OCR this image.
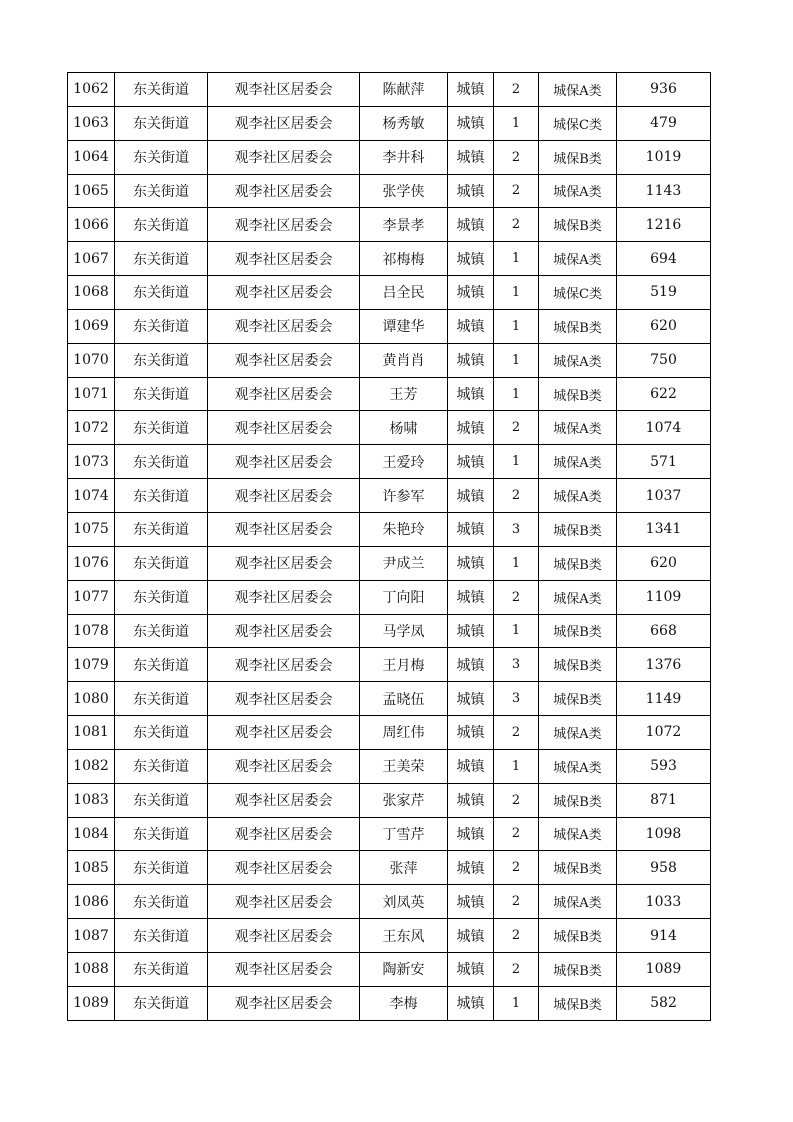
1062	东关街道	观李社区居委会	陈献萍	城镇	2	城保A类	936
1063	东关街道	观李社区居委会	杨秀敏	城镇	1	城保C类	479
1064	东关街道	观李社区居委会	李井科	城镇	2	城保B类	1019
1065	东关街道	观李社区居委会	张学侠	城镇	2	城保A类	1143
1066	东关街道	观李社区居委会	李景孝	城镇	2	城保B类	1216
1067	东关街道	观李社区居委会	祁梅梅	城镇	1	城保A类	694
1068	东关街道	观李社区居委会	吕全民	城镇	1	城保C类	519
1069	东关街道	观李社区居委会	谭建华	城镇	1	城保B类	620
1070	东关街道	观李社区居委会	黄肖肖	城镇	1	城保A类	750
1071	东关街道	观李社区居委会	王芳	城镇	1	城保B类	622
1072	东关街道	观李社区居委会	杨啸	城镇	2	城保A类	1074
1073	东关街道	观李社区居委会	王爱玲	城镇	1	城保A类	571
1074	东关街道	观李社区居委会	许参军	城镇	2	城保A类	1037
1075	东关街道	观李社区居委会	朱艳玲	城镇	3	城保B类	1341
1076	东关街道	观李社区居委会	尹成兰	城镇	1	城保B类	620
1077	东关街道	观李社区居委会	丁向阳	城镇	2	城保A类	1109
1078	东关街道	观李社区居委会	马学凤	城镇	1	城保B类	668
1079	东关街道	观李社区居委会	王月梅	城镇	3	城保B类	1376
1080	东关街道	观李社区居委会	孟晓伍	城镇	3	城保B类	1149
1081	东关街道	观李社区居委会	周红伟	城镇	2	城保A类	1072
1082	东关街道	观李社区居委会	王美荣	城镇	1	城保A类	593
1083	东关街道	观李社区居委会	张家芹	城镇	2	城保B类	871
1084	东关街道	观李社区居委会	丁雪芹	城镇	2	城保A类	1098
1085	东关街道	观李社区居委会	张萍	城镇	2	城保B类	958
1086	东关街道	观李社区居委会	刘凤英	城镇	2	城保A类	1033
1087	东关街道	观李社区居委会	王东风	城镇	2	城保B类	914
1088	东关街道	观李社区居委会	陶新安	城镇	2	城保B类	1089
1089	东关街道	观李社区居委会	李梅	城镇	1	城保B类	582
